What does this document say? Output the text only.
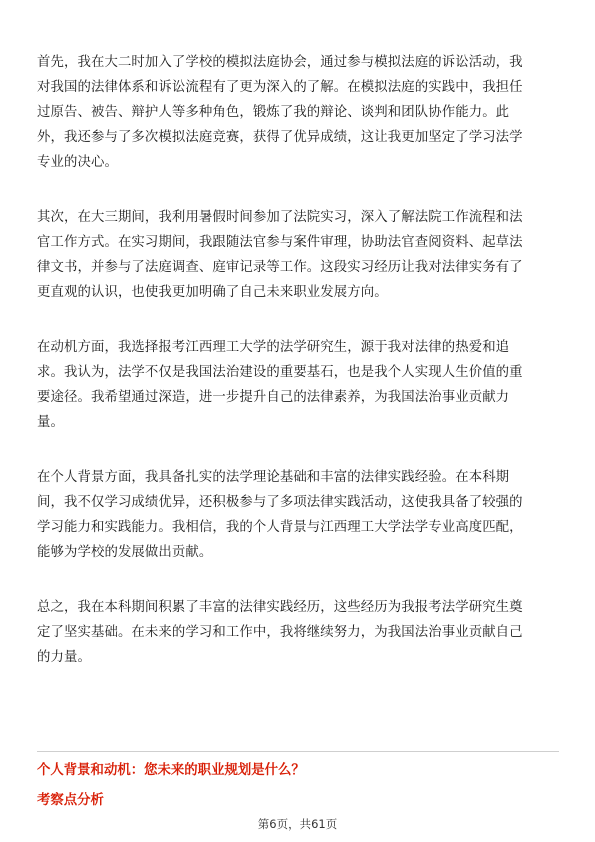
首先，我在大二时加入了学校的模拟法庭协会，通过参与模拟法庭的诉讼活动，我
对我国的法律体系和诉讼流程有了更为深入的了解。在模拟法庭的实践中，我担任
过原告、被告、辩护人等多种角色，锻炼了我的辩论、谈判和团队协作能力。此
外，我还参与了多次模拟法庭竞赛，获得了优异成绩，这让我更加坚定了学习法学
专业的决心。

其次，在大三期间，我利用暑假时间参加了法院实习，深入了解法院工作流程和法
官工作方式。在实习期间，我跟随法官参与案件审理，协助法官查阅资料、起草法
律文书，并参与了法庭调查、庭审记录等工作。这段实习经历让我对法律实务有了
更直观的认识，也使我更加明确了自己未来职业发展方向。

在动机方面，我选择报考江西理工大学的法学研究生，源于我对法律的热爱和追
求。我认为，法学不仅是我国法治建设的重要基石，也是我个人实现人生价值的重
要途径。我希望通过深造，进一步提升自己的法律素养，为我国法治事业贡献力
量。

在个人背景方面，我具备扎实的法学理论基础和丰富的法律实践经验。在本科期
间，我不仅学习成绩优异，还积极参与了多项法律实践活动，这使我具备了较强的
学习能力和实践能力。我相信，我的个人背景与江西理工大学法学专业高度匹配，
能够为学校的发展做出贡献。

总之，我在本科期间积累了丰富的法律实践经历，这些经历为我报考法学研究生奠
定了坚实基础。在未来的学习和工作中，我将继续努力，为我国法治事业贡献自己
的力量。

个人背景和动机：您未来的职业规划是什么？
考察点分析
第6页，共61页
